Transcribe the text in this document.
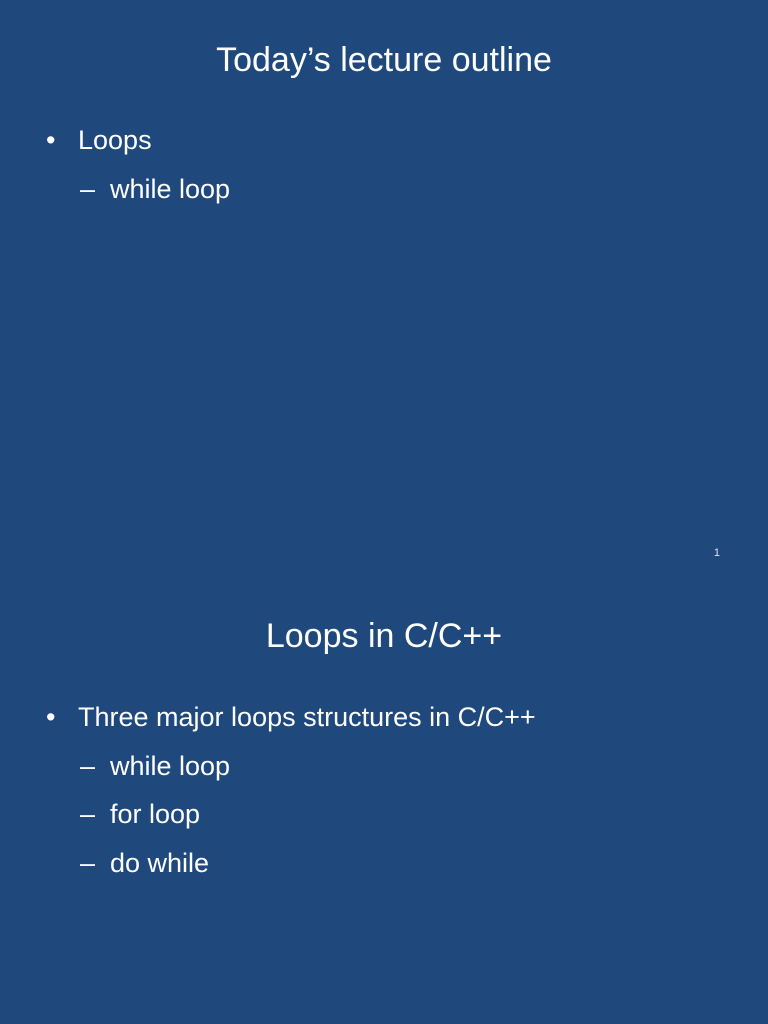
Today’s lecture outline
• Loops
– while loop
1
Loops in C/C++
• Three major loops structures in C/C++
– while loop
– for loop
– do while
